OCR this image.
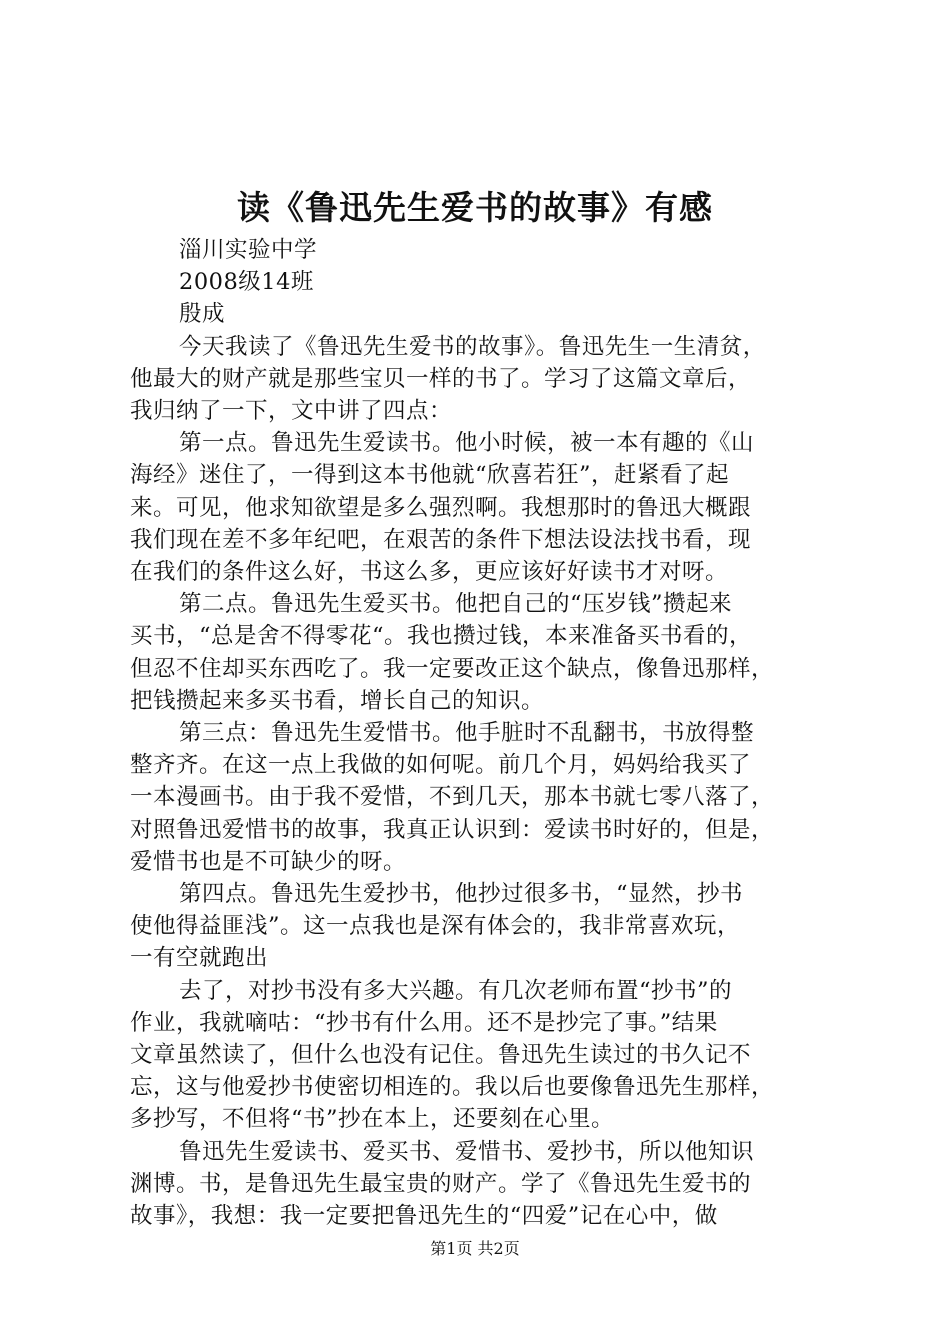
读《鲁迅先生爱书的故事》有感
淄川实验中学
2008级14班
殷成
今天我读了《鲁迅先生爱书的故事》。鲁迅先生一生清贫，
他最大的财产就是那些宝贝一样的书了。学习了这篇文章后，
我归纳了一下，文中讲了四点：
第一点。鲁迅先生爱读书。他小时候，被一本有趣的《山
海经》迷住了，一得到这本书他就“欣喜若狂”，赶紧看了起
来。可见，他求知欲望是多么强烈啊。我想那时的鲁迅大概跟
我们现在差不多年纪吧，在艰苦的条件下想法设法找书看，现
在我们的条件这么好，书这么多，更应该好好读书才对呀。
第二点。鲁迅先生爱买书。他把自己的“压岁钱”攒起来
买书，“总是舍不得零花“。我也攒过钱，本来准备买书看的，
但忍不住却买东西吃了。我一定要改正这个缺点，像鲁迅那样，
把钱攒起来多买书看，增长自己的知识。
第三点：鲁迅先生爱惜书。他手脏时不乱翻书，书放得整
整齐齐。在这一点上我做的如何呢。前几个月，妈妈给我买了
一本漫画书。由于我不爱惜，不到几天，那本书就七零八落了，
对照鲁迅爱惜书的故事，我真正认识到：爱读书时好的，但是，
爱惜书也是不可缺少的呀。
第四点。鲁迅先生爱抄书，他抄过很多书，“显然，抄书
使他得益匪浅”。这一点我也是深有体会的，我非常喜欢玩，
一有空就跑出
去了，对抄书没有多大兴趣。有几次老师布置“抄书”的
作业，我就嘀咕：“抄书有什么用。还不是抄完了事。”结果
文章虽然读了，但什么也没有记住。鲁迅先生读过的书久记不
忘，这与他爱抄书使密切相连的。我以后也要像鲁迅先生那样，
多抄写，不但将“书”抄在本上，还要刻在心里。
鲁迅先生爱读书、爱买书、爱惜书、爱抄书，所以他知识
渊博。书，是鲁迅先生最宝贵的财产。学了《鲁迅先生爱书的
故事》，我想：我一定要把鲁迅先生的“四爱”记在心中，做
第1页 共2页
